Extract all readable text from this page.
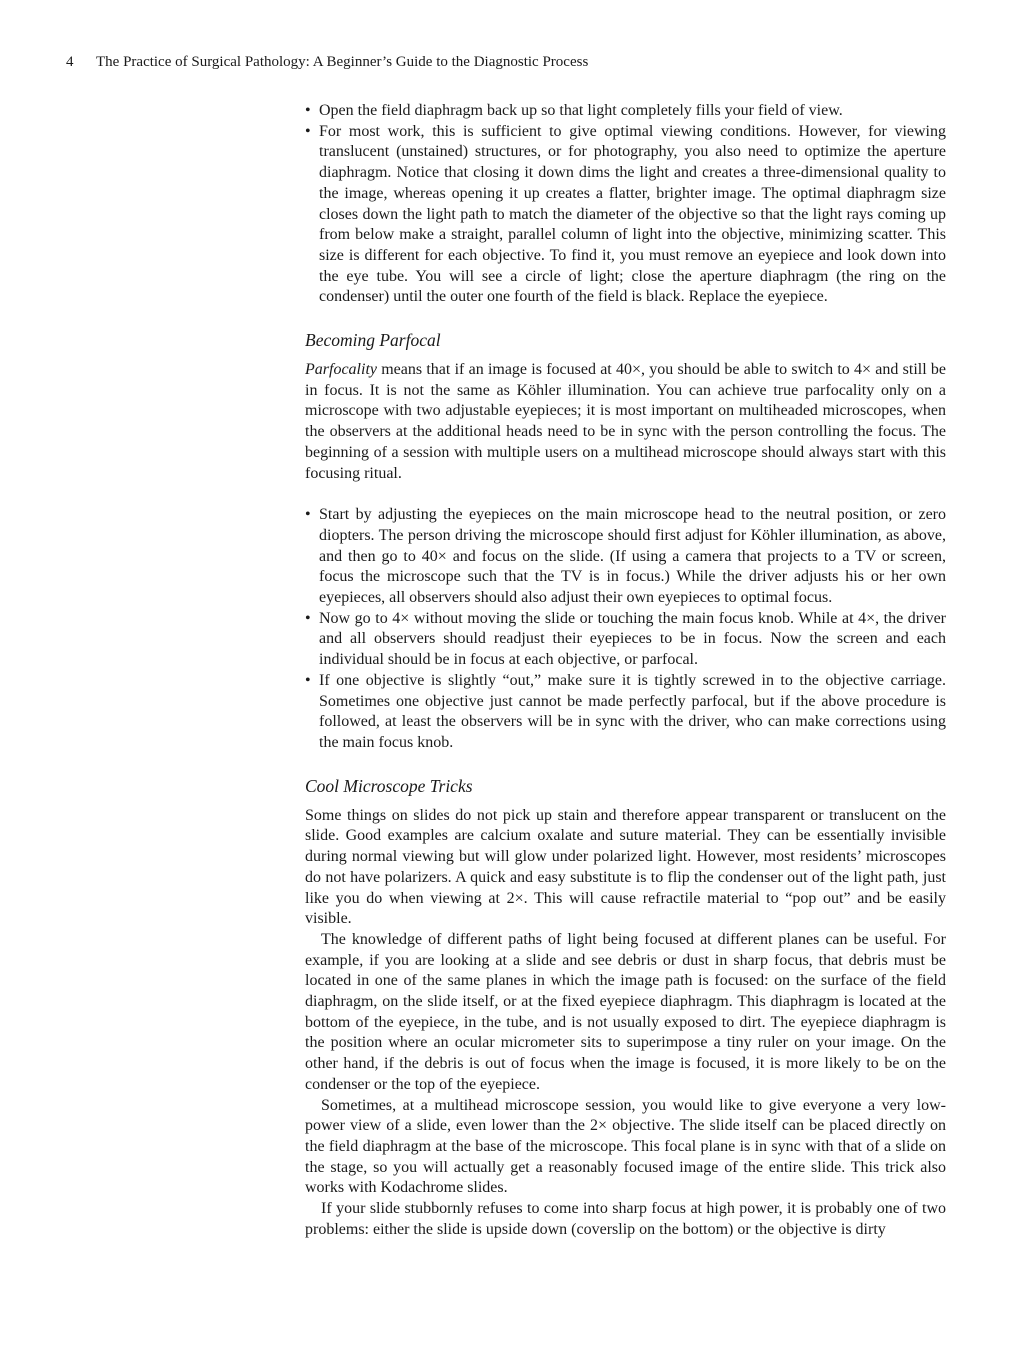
4 The Practice of Surgical Pathology: A Beginner’s Guide to the Diagnostic Process
• Open the field diaphragm back up so that light completely fills your field of view.
• For most work, this is sufficient to give optimal viewing conditions. However, for viewing translucent (unstained) structures, or for photography, you also need to optimize the aperture diaphragm. Notice that closing it down dims the light and creates a three-dimensional quality to the image, whereas opening it up creates a flatter, brighter image. The optimal diaphragm size closes down the light path to match the diameter of the objective so that the light rays coming up from below make a straight, parallel column of light into the objective, minimizing scatter. This size is different for each objective. To find it, you must remove an eyepiece and look down into the eye tube. You will see a circle of light; close the aperture diaphragm (the ring on the condenser) until the outer one fourth of the field is black. Replace the eyepiece.
Becoming Parfocal

Parfocality means that if an image is focused at 40×, you should be able to switch to 4× and still be in focus. It is not the same as Köhler illumination. You can achieve true parfocality only on a microscope with two adjustable eyepieces; it is most important on multiheaded microscopes, when the observers at the additional heads need to be in sync with the person controlling the focus. The beginning of a session with multiple users on a multihead microscope should always start with this focusing ritual.

• Start by adjusting the eyepieces on the main microscope head to the neutral position, or zero diopters. The person driving the microscope should first adjust for Köhler illumination, as above, and then go to 40× and focus on the slide. (If using a camera that projects to a TV or screen, focus the microscope such that the TV is in focus.) While the driver adjusts his or her own eyepieces, all observers should also adjust their own eyepieces to optimal focus.
• Now go to 4× without moving the slide or touching the main focus knob. While at 4×, the driver and all observers should readjust their eyepieces to be in focus. Now the screen and each individual should be in focus at each objective, or parfocal.
• If one objective is slightly “out,” make sure it is tightly screwed in to the objective carriage. Sometimes one objective just cannot be made perfectly parfocal, but if the above procedure is followed, at least the observers will be in sync with the driver, who can make corrections using the main focus knob.
Cool Microscope Tricks

Some things on slides do not pick up stain and therefore appear transparent or translucent on the slide. Good examples are calcium oxalate and suture material. They can be essentially invisible during normal viewing but will glow under polarized light. However, most residents’ microscopes do not have polarizers. A quick and easy substitute is to flip the condenser out of the light path, just like you do when viewing at 2×. This will cause refractile material to “pop out” and be easily visible.

The knowledge of different paths of light being focused at different planes can be useful. For example, if you are looking at a slide and see debris or dust in sharp focus, that debris must be located in one of the same planes in which the image path is focused: on the surface of the field diaphragm, on the slide itself, or at the fixed eyepiece diaphragm. This diaphragm is located at the bottom of the eyepiece, in the tube, and is not usually exposed to dirt. The eyepiece diaphragm is the position where an ocular micrometer sits to superimpose a tiny ruler on your image. On the other hand, if the debris is out of focus when the image is focused, it is more likely to be on the condenser or the top of the eyepiece.

Sometimes, at a multihead microscope session, you would like to give everyone a very low-power view of a slide, even lower than the 2× objective. The slide itself can be placed directly on the field diaphragm at the base of the microscope. This focal plane is in sync with that of a slide on the stage, so you will actually get a reasonably focused image of the entire slide. This trick also works with Kodachrome slides.

If your slide stubbornly refuses to come into sharp focus at high power, it is probably one of two problems: either the slide is upside down (coverslip on the bottom) or the objective is dirty
